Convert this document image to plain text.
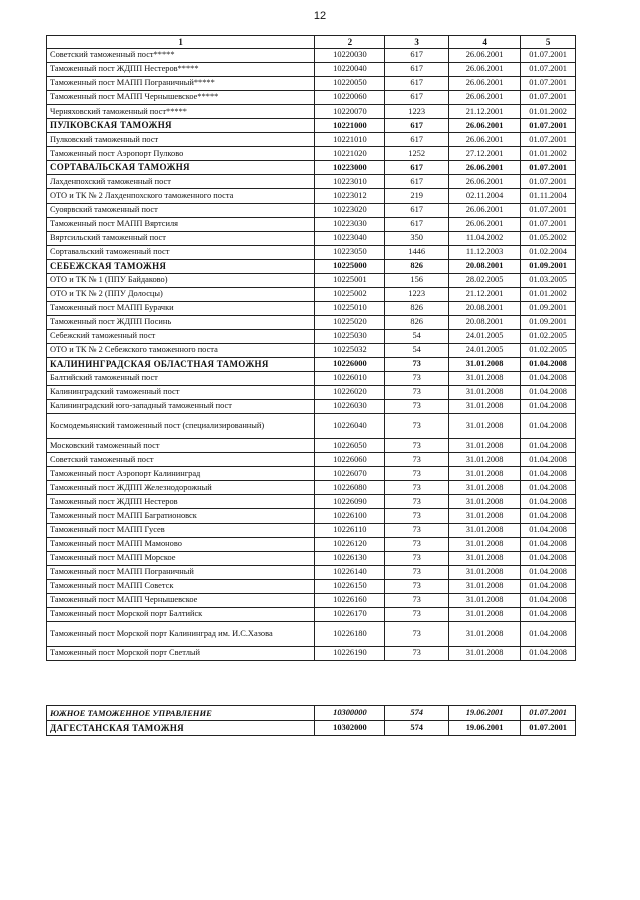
12
1	2	3	4	5
Советский таможенный пост*****	10220030	617	26.06.2001	01.07.2001
Таможенный пост ЖДПП Нестеров*****	10220040	617	26.06.2001	01.07.2001
Таможенный пост МАПП Пограничный*****	10220050	617	26.06.2001	01.07.2001
Таможенный пост МАПП Чернышевское*****	10220060	617	26.06.2001	01.07.2001
Черняховский таможенный пост*****	10220070	1223	21.12.2001	01.01.2002
ПУЛКОВСКАЯ ТАМОЖНЯ	10221000	617	26.06.2001	01.07.2001
Пулковский таможенный пост	10221010	617	26.06.2001	01.07.2001
Таможенный пост Аэропорт Пулково	10221020	1252	27.12.2001	01.01.2002
СОРТАВАЛЬСКАЯ ТАМОЖНЯ	10223000	617	26.06.2001	01.07.2001
Лахденпохский таможенный пост	10223010	617	26.06.2001	01.07.2001
ОТО и ТК № 2 Лахденпохского таможенного поста	10223012	219	02.11.2004	01.11.2004
Суоярвский таможенный пост	10223020	617	26.06.2001	01.07.2001
Таможенный пост МАПП Вяртсиля	10223030	617	26.06.2001	01.07.2001
Вяртсильский таможенный пост	10223040	350	11.04.2002	01.05.2002
Сортавальский таможенный пост	10223050	1446	11.12.2003	01.02.2004
СЕБЕЖСКАЯ ТАМОЖНЯ	10225000	826	20.08.2001	01.09.2001
ОТО и ТК № 1 (ППУ Байдаково)	10225001	156	28.02.2005	01.03.2005
ОТО и ТК № 2 (ППУ Долосцы)	10225002	1223	21.12.2001	01.01.2002
Таможенный пост МАПП Бурачки	10225010	826	20.08.2001	01.09.2001
Таможенный пост ЖДПП Посинь	10225020	826	20.08.2001	01.09.2001
Себежский таможенный пост	10225030	54	24.01.2005	01.02.2005
ОТО и ТК № 2 Себежского таможенного поста	10225032	54	24.01.2005	01.02.2005
КАЛИНИНГРАДСКАЯ ОБЛАСТНАЯ ТАМОЖНЯ	10226000	73	31.01.2008	01.04.2008
Балтийский таможенный пост	10226010	73	31.01.2008	01.04.2008
Калининградский таможенный пост	10226020	73	31.01.2008	01.04.2008
Калининградский юго-западный таможенный пост	10226030	73	31.01.2008	01.04.2008
Космодемьянский таможенный пост (специализированный)	10226040	73	31.01.2008	01.04.2008
Московский таможенный пост	10226050	73	31.01.2008	01.04.2008
Советский таможенный пост	10226060	73	31.01.2008	01.04.2008
Таможенный пост Аэропорт Калининград	10226070	73	31.01.2008	01.04.2008
Таможенный пост ЖДПП Железнодорожный	10226080	73	31.01.2008	01.04.2008
Таможенный пост ЖДПП Нестеров	10226090	73	31.01.2008	01.04.2008
Таможенный пост МАПП Багратионовск	10226100	73	31.01.2008	01.04.2008
Таможенный пост МАПП Гусев	10226110	73	31.01.2008	01.04.2008
Таможенный пост МАПП Мамоново	10226120	73	31.01.2008	01.04.2008
Таможенный пост МАПП Морское	10226130	73	31.01.2008	01.04.2008
Таможенный пост МАПП Пограничный	10226140	73	31.01.2008	01.04.2008
Таможенный пост МАПП Советск	10226150	73	31.01.2008	01.04.2008
Таможенный пост МАПП Чернышевское	10226160	73	31.01.2008	01.04.2008
Таможенный пост Морской порт Балтийск	10226170	73	31.01.2008	01.04.2008
Таможенный пост Морской порт Калининград им. И.С.Хазова	10226180	73	31.01.2008	01.04.2008
Таможенный пост Морской порт Светлый	10226190	73	31.01.2008	01.04.2008
ЮЖНОЕ ТАМОЖЕННОЕ УПРАВЛЕНИЕ	10300000	574	19.06.2001	01.07.2001
ДАГЕСТАНСКАЯ ТАМОЖНЯ	10302000	574	19.06.2001	01.07.2001
